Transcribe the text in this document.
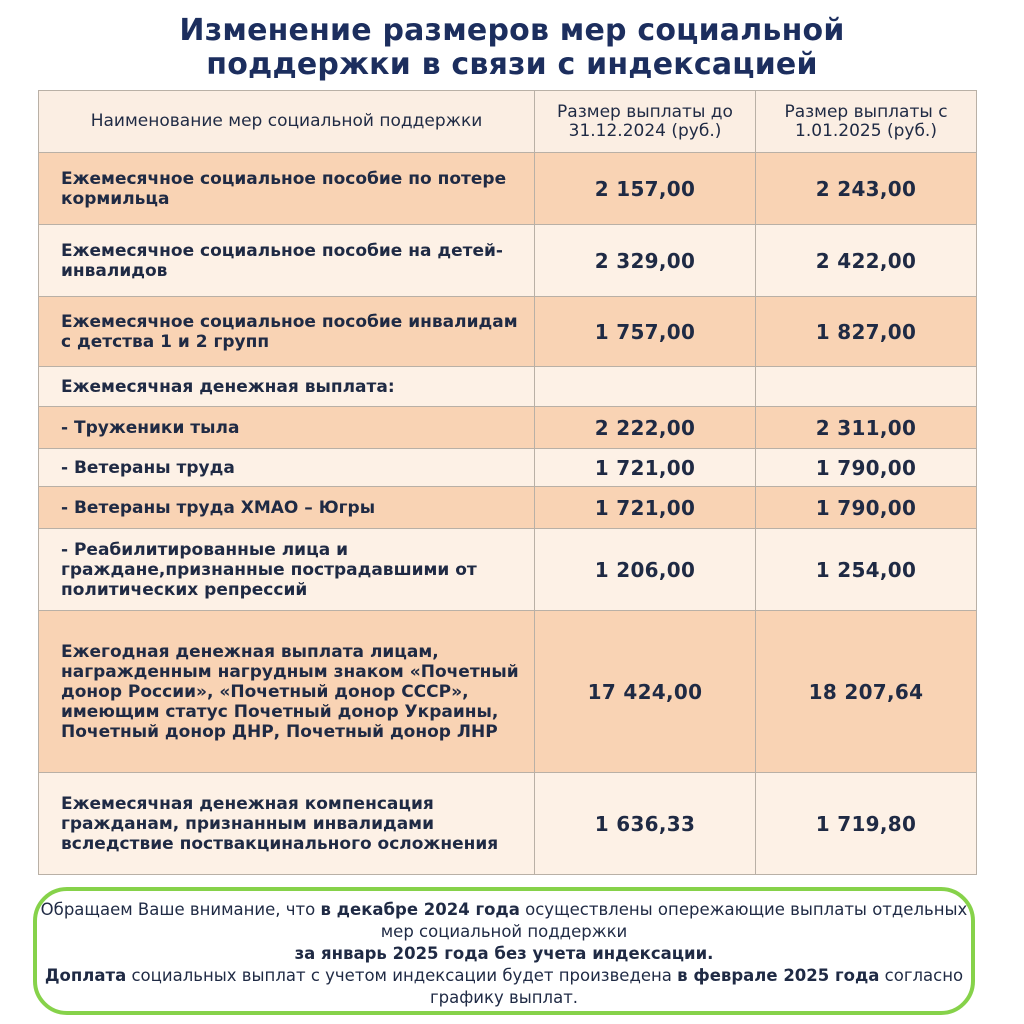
Изменение размеров мер социальной
поддержки в связи с индексацией
Наименование мер социальной поддержки	Размер выплаты до 31.12.2024 (руб.)	Размер выплаты с 1.01.2025 (руб.)
Ежемесячное социальное пособие по потере кормильца	2 157,00	2 243,00
Ежемесячное социальное пособие на детей-инвалидов	2 329,00	2 422,00
Ежемесячное социальное пособие инвалидам с детства 1 и 2 групп	1 757,00	1 827,00
Ежемесячная денежная выплата:		
- Труженики тыла	2 222,00	2 311,00
- Ветераны труда	1 721,00	1 790,00
- Ветераны труда ХМАО – Югры	1 721,00	1 790,00
- Реабилитированные лица и граждане,признанные пострадавшими от политических репрессий	1 206,00	1 254,00
Ежегодная денежная выплата лицам, награжденным нагрудным знаком «Почетный донор России», «Почетный донор СССР», имеющим статус Почетный донор Украины, Почетный донор ДНР, Почетный донор ЛНР	17 424,00	18 207,64
Ежемесячная денежная компенсация гражданам, признанным инвалидами вследствие поствакцинального осложнения	1 636,33	1 719,80
Обращаем Ваше внимание, что в декабре 2024 года осуществлены опережающие выплаты отдельных мер социальной поддержки
за январь 2025 года без учета индексации.
Доплата социальных выплат с учетом индексации будет произведена в феврале 2025 года согласно графику выплат.
